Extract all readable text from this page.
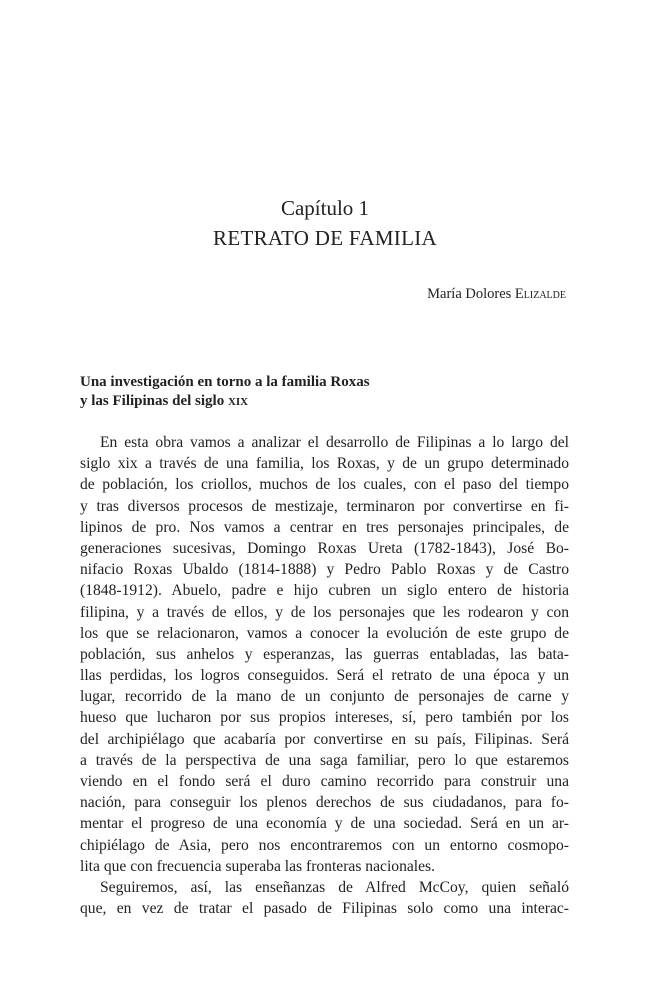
Capítulo 1
RETRATO DE FAMILIA

María Dolores Elizalde

Una investigación en torno a la familia Roxas
y las Filipinas del siglo xix
En esta obra vamos a analizar el desarrollo de Filipinas a lo largo del
siglo xix a través de una familia, los Roxas, y de un grupo determinado
de población, los criollos, muchos de los cuales, con el paso del tiempo
y tras diversos procesos de mestizaje, terminaron por convertirse en fi-
lipinos de pro. Nos vamos a centrar en tres personajes principales, de
generaciones sucesivas, Domingo Roxas Ureta (1782-1843), José Bo-
nifacio Roxas Ubaldo (1814-1888) y Pedro Pablo Roxas y de Castro
(1848-1912). Abuelo, padre e hijo cubren un siglo entero de historia
filipina, y a través de ellos, y de los personajes que les rodearon y con
los que se relacionaron, vamos a conocer la evolución de este grupo de
población, sus anhelos y esperanzas, las guerras entabladas, las bata-
llas perdidas, los logros conseguidos. Será el retrato de una época y un
lugar, recorrido de la mano de un conjunto de personajes de carne y
hueso que lucharon por sus propios intereses, sí, pero también por los
del archipiélago que acabaría por convertirse en su país, Filipinas. Será
a través de la perspectiva de una saga familiar, pero lo que estaremos
viendo en el fondo será el duro camino recorrido para construir una
nación, para conseguir los plenos derechos de sus ciudadanos, para fo-
mentar el progreso de una economía y de una sociedad. Será en un ar-
chipiélago de Asia, pero nos encontraremos con un entorno cosmopo-
lita que con frecuencia superaba las fronteras nacionales.
Seguiremos, así, las enseñanzas de Alfred McCoy, quien señaló
que, en vez de tratar el pasado de Filipinas solo como una interac-
